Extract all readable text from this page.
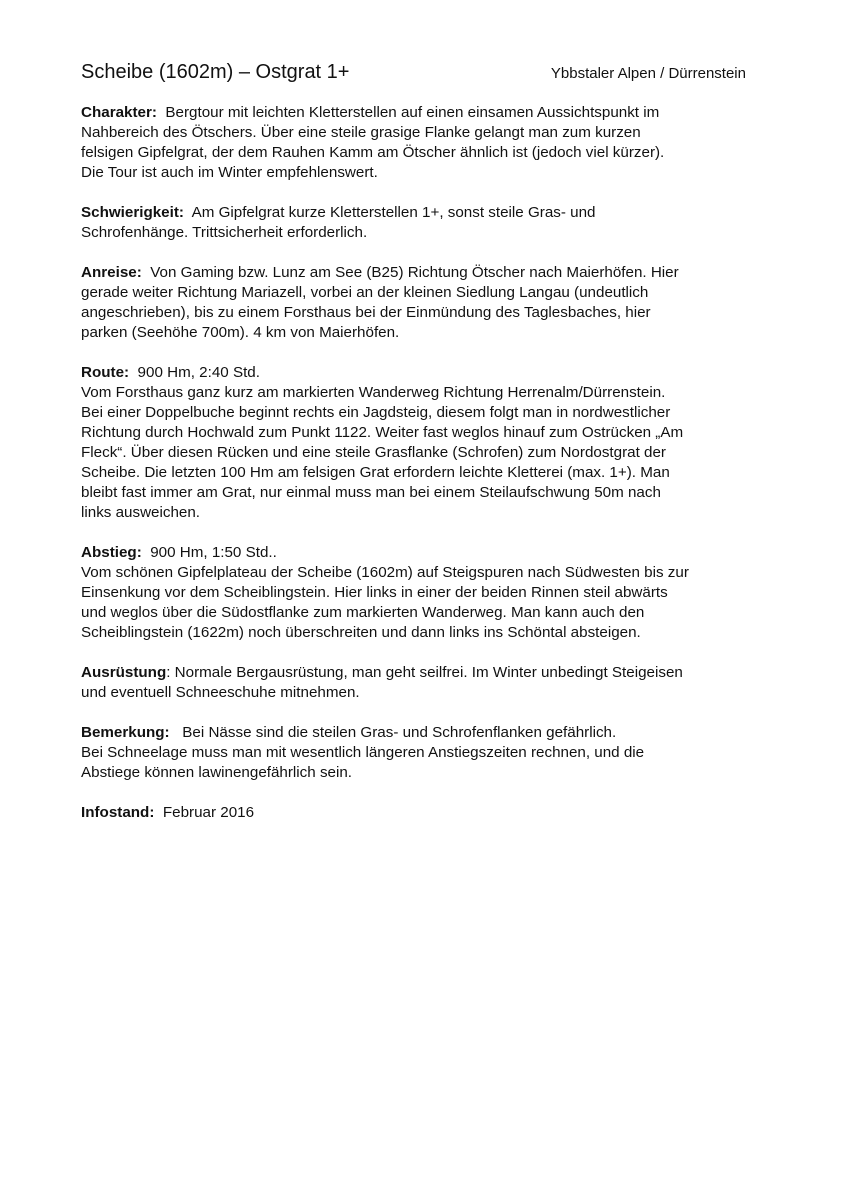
Scheibe (1602m) – Ostgrat 1+	Ybbstaler Alpen / Dürrenstein
Charakter: Bergtour mit leichten Kletterstellen auf einen einsamen Aussichtspunkt im
Nahbereich des Ötschers. Über eine steile grasige Flanke gelangt man zum kurzen
felsigen Gipfelgrat, der dem Rauhen Kamm am Ötscher ähnlich ist (jedoch viel kürzer).
Die Tour ist auch im Winter empfehlenswert.
Schwierigkeit: Am Gipfelgrat kurze Kletterstellen 1+, sonst steile Gras- und
Schrofenhänge. Trittsicherheit erforderlich.
Anreise: Von Gaming bzw. Lunz am See (B25) Richtung Ötscher nach Maierhöfen. Hier
gerade weiter Richtung Mariazell, vorbei an der kleinen Siedlung Langau (undeutlich
angeschrieben), bis zu einem Forsthaus bei der Einmündung des Taglesbaches, hier
parken (Seehöhe 700m). 4 km von Maierhöfen.
Route: 900 Hm, 2:40 Std.
Vom Forsthaus ganz kurz am markierten Wanderweg Richtung Herrenalm/Dürrenstein.
Bei einer Doppelbuche beginnt rechts ein Jagdsteig, diesem folgt man in nordwestlicher
Richtung durch Hochwald zum Punkt 1122. Weiter fast weglos hinauf zum Ostrücken „Am
Fleck“. Über diesen Rücken und eine steile Grasflanke (Schrofen) zum Nordostgrat der
Scheibe. Die letzten 100 Hm am felsigen Grat erfordern leichte Kletterei (max. 1+). Man
bleibt fast immer am Grat, nur einmal muss man bei einem Steilaufschwung 50m nach
links ausweichen.
Abstieg: 900 Hm, 1:50 Std..
Vom schönen Gipfelplateau der Scheibe (1602m) auf Steigspuren nach Südwesten bis zur
Einsenkung vor dem Scheiblingstein. Hier links in einer der beiden Rinnen steil abwärts
und weglos über die Südostflanke zum markierten Wanderweg. Man kann auch den
Scheiblingstein (1622m) noch überschreiten und dann links ins Schöntal absteigen.
Ausrüstung: Normale Bergausrüstung, man geht seilfrei. Im Winter unbedingt Steigeisen
und eventuell Schneeschuhe mitnehmen.
Bemerkung: Bei Nässe sind die steilen Gras- und Schrofenflanken gefährlich.
Bei Schneelage muss man mit wesentlich längeren Anstiegszeiten rechnen, und die
Abstiege können lawinengefährlich sein.
Infostand: Februar 2016
